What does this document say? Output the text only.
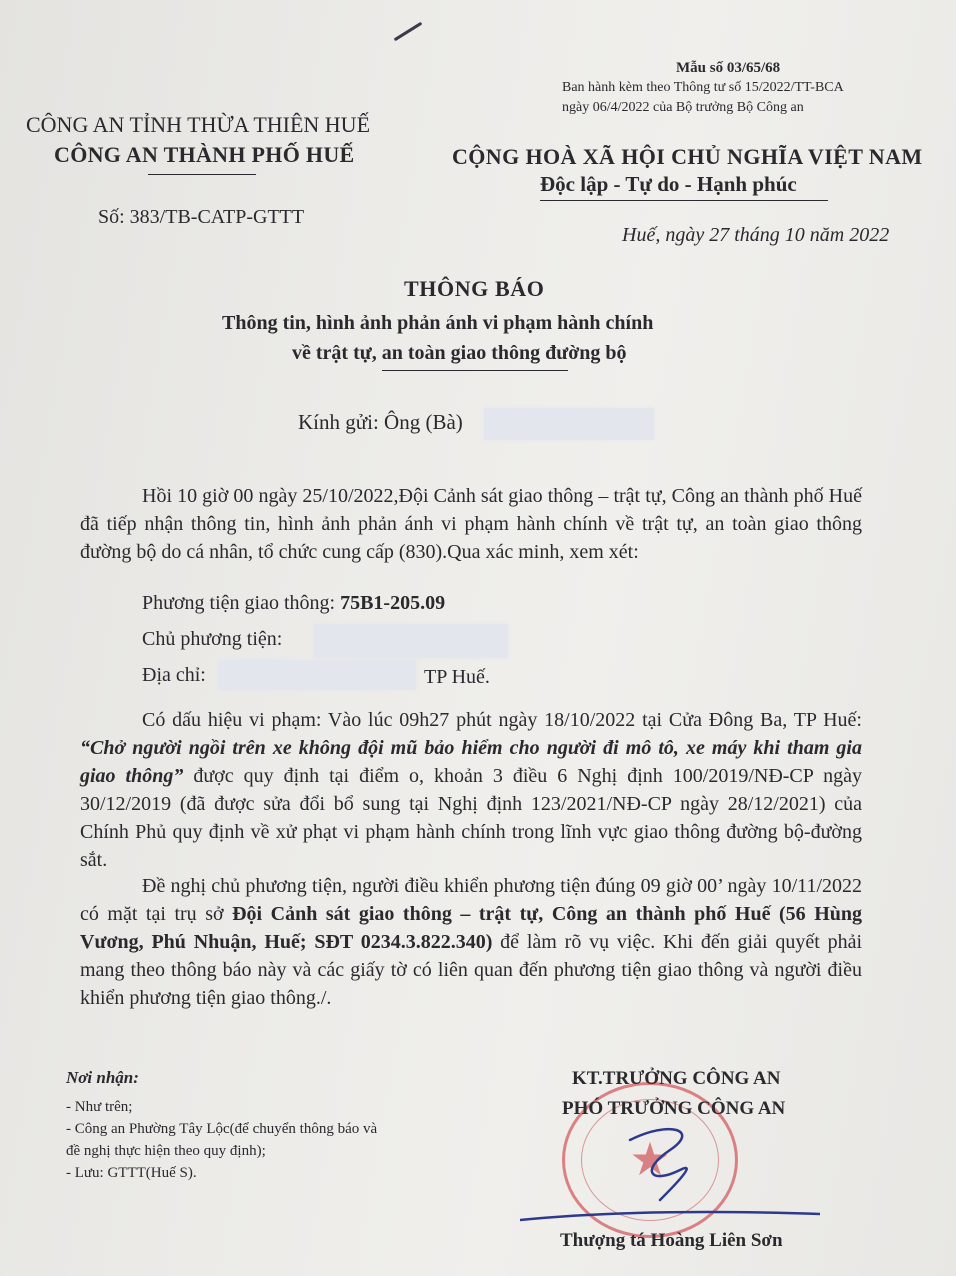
Mẫu số 03/65/68
Ban hành kèm theo Thông tư số 15/2022/TT-BCA
ngày 06/4/2022 của Bộ trưởng Bộ Công an
CÔNG AN TỈNH THỪA THIÊN HUẾ
CÔNG AN THÀNH PHỐ HUẾ	CỘNG HOÀ XÃ HỘI CHỦ NGHĨA VIỆT NAM
Độc lập - Tự do - Hạnh phúc
Số: 383/TB-CATP-GTTT
Huế, ngày 27 tháng 10 năm 2022
THÔNG BÁO
Thông tin, hình ảnh phản ánh vi phạm hành chính
về trật tự, an toàn giao thông đường bộ
Kính gửi: Ông (Bà)
Hồi 10 giờ 00 ngày 25/10/2022,Đội Cảnh sát giao thông – trật tự, Công an thành phố Huế đã tiếp nhận thông tin, hình ảnh phản ánh vi phạm hành chính về trật tự, an toàn giao thông đường bộ do cá nhân, tổ chức cung cấp (830).Qua xác minh, xem xét:
Phương tiện giao thông: 75B1-205.09
Chủ phương tiện:
Địa chỉ:	TP Huế.
Có dấu hiệu vi phạm: Vào lúc 09h27 phút ngày 18/10/2022 tại Cửa Đông Ba, TP Huế: “Chở người ngồi trên xe không đội mũ bảo hiểm cho người đi mô tô, xe máy khi tham gia giao thông” được quy định tại điểm o, khoản 3 điều 6 Nghị định 100/2019/NĐ-CP ngày 30/12/2019 (đã được sửa đổi bổ sung tại Nghị định 123/2021/NĐ-CP ngày 28/12/2021) của Chính Phủ quy định về xử phạt vi phạm hành chính trong lĩnh vực giao thông đường bộ-đường sắt.
Đề nghị chủ phương tiện, người điều khiển phương tiện đúng 09 giờ 00’ ngày 10/11/2022 có mặt tại trụ sở Đội Cảnh sát giao thông – trật tự, Công an thành phố Huế (56 Hùng Vương, Phú Nhuận, Huế; SĐT 0234.3.822.340) để làm rõ vụ việc. Khi đến giải quyết phải mang theo thông báo này và các giấy tờ có liên quan đến phương tiện giao thông và người điều khiển phương tiện giao thông./.
Nơi nhận:
- Như trên;
- Công an Phường Tây Lộc(để chuyển thông báo và
đề nghị thực hiện theo quy định);
- Lưu: GTTT(Huế S).	★
KT.TRƯỞNG CÔNG AN
PHÓ TRƯỞNG CÔNG AN
Thượng tá Hoàng Liên Sơn
